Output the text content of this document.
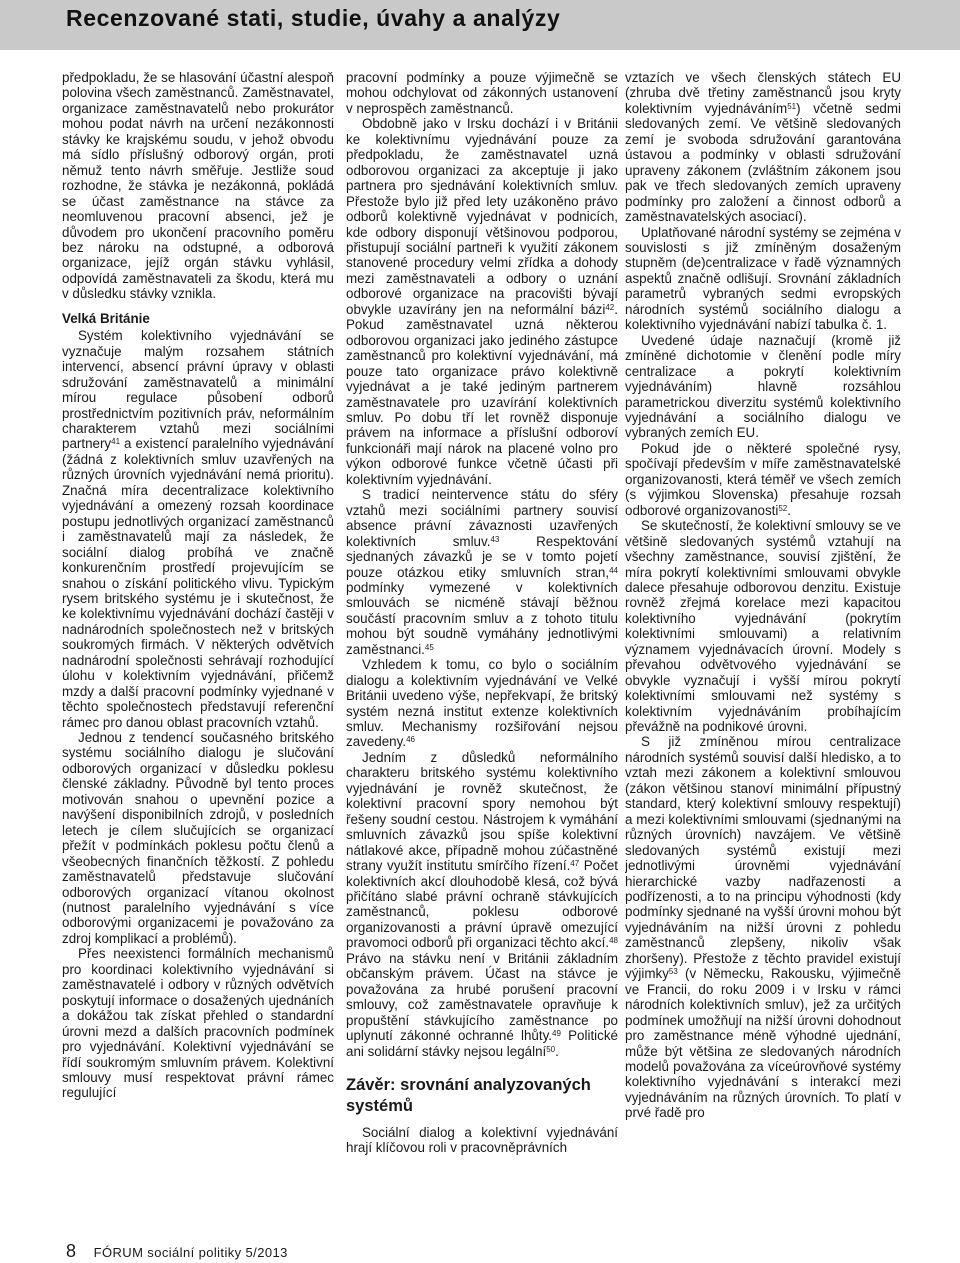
Recenzované stati, studie, úvahy a analýzy

předpokladu, že se hlasování účastní alespoň polovina všech zaměstnanců. Zaměstnavatel, organizace zaměstnavatelů nebo prokurátor mohou podat návrh na určení nezákonnosti stávky ke krajskému soudu, v jehož obvodu má sídlo příslušný odborový orgán, proti němuž tento návrh směřuje. Jestliže soud rozhodne, že stávka je nezákonná, pokládá se účast zaměstnance na stávce za neomluvenou pracovní absenci, jež je důvodem pro ukončení pracovního poměru bez nároku na odstupné, a odborová organizace, jejíž orgán stávku vyhlásil, odpovídá zaměstnavateli za škodu, která mu v důsledku stávky vznikla.

Velká Británie

Systém kolektivního vyjednávání se vyznačuje malým rozsahem státních intervencí, absencí právní úpravy v oblasti sdružování zaměstnavatelů a minimální mírou regulace působení odborů prostřednictvím pozitivních práv, neformálním charakterem vztahů mezi sociálními partnery$^{41}$ a existencí paralelního vyjednávání (žádná z kolektivních smluv uzavřených na různých úrovních vyjednávání nemá prioritu). Značná míra decentralizace kolektivního vyjednávání a omezený rozsah koordinace postupu jednotlivých organizací zaměstnanců i zaměstnavatelů mají za následek, že sociální dialog probíhá ve značně konkurenčním prostředí projevujícím se snahou o získání politického vlivu. Typickým rysem britského systému je i skutečnost, že ke kolektivnímu vyjednávání dochází častěji v nadnárodních společnostech než v britských soukromých firmách. V některých odvětvích nadnárodní společnosti sehrávají rozhodující úlohu v kolektivním vyjednávání, přičemž mzdy a další pracovní podmínky vyjednané v těchto společnostech představují referenční rámec pro danou oblast pracovních vztahů.

Jednou z tendencí současného britského systému sociálního dialogu je slučování odborových organizací v důsledku poklesu členské základny. Původně byl tento proces motivován snahou o upevnění pozice a navýšení disponibilních zdrojů, v posledních letech je cílem slučujících se organizací přežít v podmínkách poklesu počtu členů a všeobecných finančních těžkostí. Z pohledu zaměstnavatelů představuje slučování odborových organizací vítanou okolnost (nutnost paralelního vyjednávání s více odborovými organizacemi je považováno za zdroj komplikací a problémů).

Přes neexistenci formálních mechanismů pro koordinaci kolektivního vyjednávání si zaměstnavatelé i odbory v různých odvětvích poskytují informace o dosažených ujednáních a dokážou tak získat přehled o standardní úrovni mezd a dalších pracovních podmínek pro vyjednávání. Kolektivní vyjednávání se řídí soukromým smluvním právem. Kolektivní smlouvy musí respektovat právní rámec regulující

pracovní podmínky a pouze výjimečně se mohou odchylovat od zákonných ustanovení v neprospěch zaměstnanců.

Obdobně jako v Irsku dochází i v Británii ke kolektivnímu vyjednávání pouze za předpokladu, že zaměstnavatel uzná odborovou organizaci za akceptuje ji jako partnera pro sjednávání kolektivních smluv. Přestože bylo již před lety uzákoněno právo odborů kolektivně vyjednávat v podnicích, kde odbory disponují většinovou podporou, přistupují sociální partneři k využití zákonem stanovené procedury velmi zřídka a dohody mezi zaměstnavateli a odbory o uznání odborové organizace na pracovišti bývají obvykle uzavírány jen na neformální bázi$^{42}$. Pokud zaměstnavatel uzná některou odborovou organizaci jako jediného zástupce zaměstnanců pro kolektivní vyjednávání, má pouze tato organizace právo kolektivně vyjednávat a je také jediným partnerem zaměstnavatele pro uzavírání kolektivních smluv. Po dobu tří let rovněž disponuje právem na informace a příslušní odboroví funkcionáři mají nárok na placené volno pro výkon odborové funkce včetně účasti při kolektivním vyjednávání.

S tradicí neintervence státu do sféry vztahů mezi sociálními partnery souvisí absence právní závaznosti uzavřených kolektivních smluv.$^{43}$ Respektování sjednaných závazků je se v tomto pojetí pouze otázkou etiky smluvních stran,$^{44}$ podmínky vymezené v kolektivních smlouvách se nicméně stávají běžnou součástí pracovním smluv a z tohoto titulu mohou být soudně vymáhány jednotlivými zaměstnanci.$^{45}$

Vzhledem k tomu, co bylo o sociálním dialogu a kolektivním vyjednávání ve Velké Británii uvedeno výše, nepřekvapí, že britský systém nezná institut extenze kolektivních smluv. Mechanismy rozšiřování nejsou zavedeny.$^{46}$

Jedním z důsledků neformálního charakteru britského systému kolektivního vyjednávání je rovněž skutečnost, že kolektivní pracovní spory nemohou být řešeny soudní cestou. Nástrojem k vymáhání smluvních závazků jsou spíše kolektivní nátlakové akce, případně mohou zúčastněné strany využít institutu smírčího řízení.$^{47}$ Počet kolektivních akcí dlouhodobě klesá, což bývá přičítáno slabé právní ochraně stávkujících zaměstnanců, poklesu odborové organizovanosti a právní úpravě omezující pravomoci odborů při organizaci těchto akcí.$^{48}$ Právo na stávku není v Británii základním občanským právem. Účast na stávce je považována za hrubé porušení pracovní smlouvy, což zaměstnavatele opravňuje k propuštění stávkujícího zaměstnance po uplynutí zákonné ochranné lhůty.$^{49}$ Politické ani solidární stávky nejsou legální$^{50}$.

Závěr: srovnání analyzovaných systémů

Sociální dialog a kolektivní vyjednávání hrají klíčovou roli v pracovněprávních

vztazích ve všech členských státech EU (zhruba dvě třetiny zaměstnanců jsou kryty kolektivním vyjednáváním$^{51}$) včetně sedmi sledovaných zemí. Ve většině sledovaných zemí je svoboda sdružování garantována ústavou a podmínky v oblasti sdružování upraveny zákonem (zvláštním zákonem jsou pak ve třech sledovaných zemích upraveny podmínky pro založení a činnost odborů a zaměstnavatelských asociací).

Uplatňované národní systémy se zejména v souvislosti s již zmíněným dosaženým stupněm (de)centralizace v řadě významných aspektů značně odlišují. Srovnání základních parametrů vybraných sedmi evropských národních systémů sociálního dialogu a kolektivního vyjednávání nabízí tabulka č. 1.

Uvedené údaje naznačují (kromě již zmíněné dichotomie v členění podle míry centralizace a pokrytí kolektivním vyjednáváním) hlavně rozsáhlou parametrickou diverzitu systémů kolektivního vyjednávání a sociálního dialogu ve vybraných zemích EU.

Pokud jde o některé společné rysy, spočívají především v míře zaměstnavatelské organizovanosti, která téměř ve všech zemích (s výjimkou Slovenska) přesahuje rozsah odborové organizovanosti$^{52}$.

Se skutečností, že kolektivní smlouvy se ve většině sledovaných systémů vztahují na všechny zaměstnance, souvisí zjištění, že míra pokrytí kolektivními smlouvami obvykle dalece přesahuje odborovou denzitu. Existuje rovněž zřejmá korelace mezi kapacitou kolektivního vyjednávání (pokrytím kolektivními smlouvami) a relativním významem vyjednávacích úrovní. Modely s převahou odvětvového vyjednávání se obvykle vyznačují i vyšší mírou pokrytí kolektivními smlouvami než systémy s kolektivním vyjednáváním probíhajícím převážně na podnikové úrovni.

S již zmíněnou mírou centralizace národních systémů souvisí další hledisko, a to vztah mezi zákonem a kolektivní smlouvou (zákon většinou stanoví minimální přípustný standard, který kolektivní smlouvy respektují) a mezi kolektivními smlouvami (sjednanými na různých úrovních) navzájem. Ve většině sledovaných systémů existují mezi jednotlivými úrovněmi vyjednávání hierarchické vazby nadřazenosti a podřízenosti, a to na principu výhodnosti (kdy podmínky sjednané na vyšší úrovni mohou být vyjednáváním na nižší úrovni z pohledu zaměstnanců zlepšeny, nikoliv však zhoršeny). Přestože z těchto pravidel existují výjimky$^{53}$ (v Německu, Rakousku, výjimečně ve Francii, do roku 2009 i v Irsku v rámci národních kolektivních smluv), jež za určitých podmínek umožňují na nižší úrovni dohodnout pro zaměstnance méně výhodné ujednání, může být většina ze sledovaných národních modelů považována za víceúrovňové systémy kolektivního vyjednávání s interakcí mezi vyjednáváním na různých úrovních. To platí v prvé řadě pro

8 FÓRUM sociální politiky 5/2013
